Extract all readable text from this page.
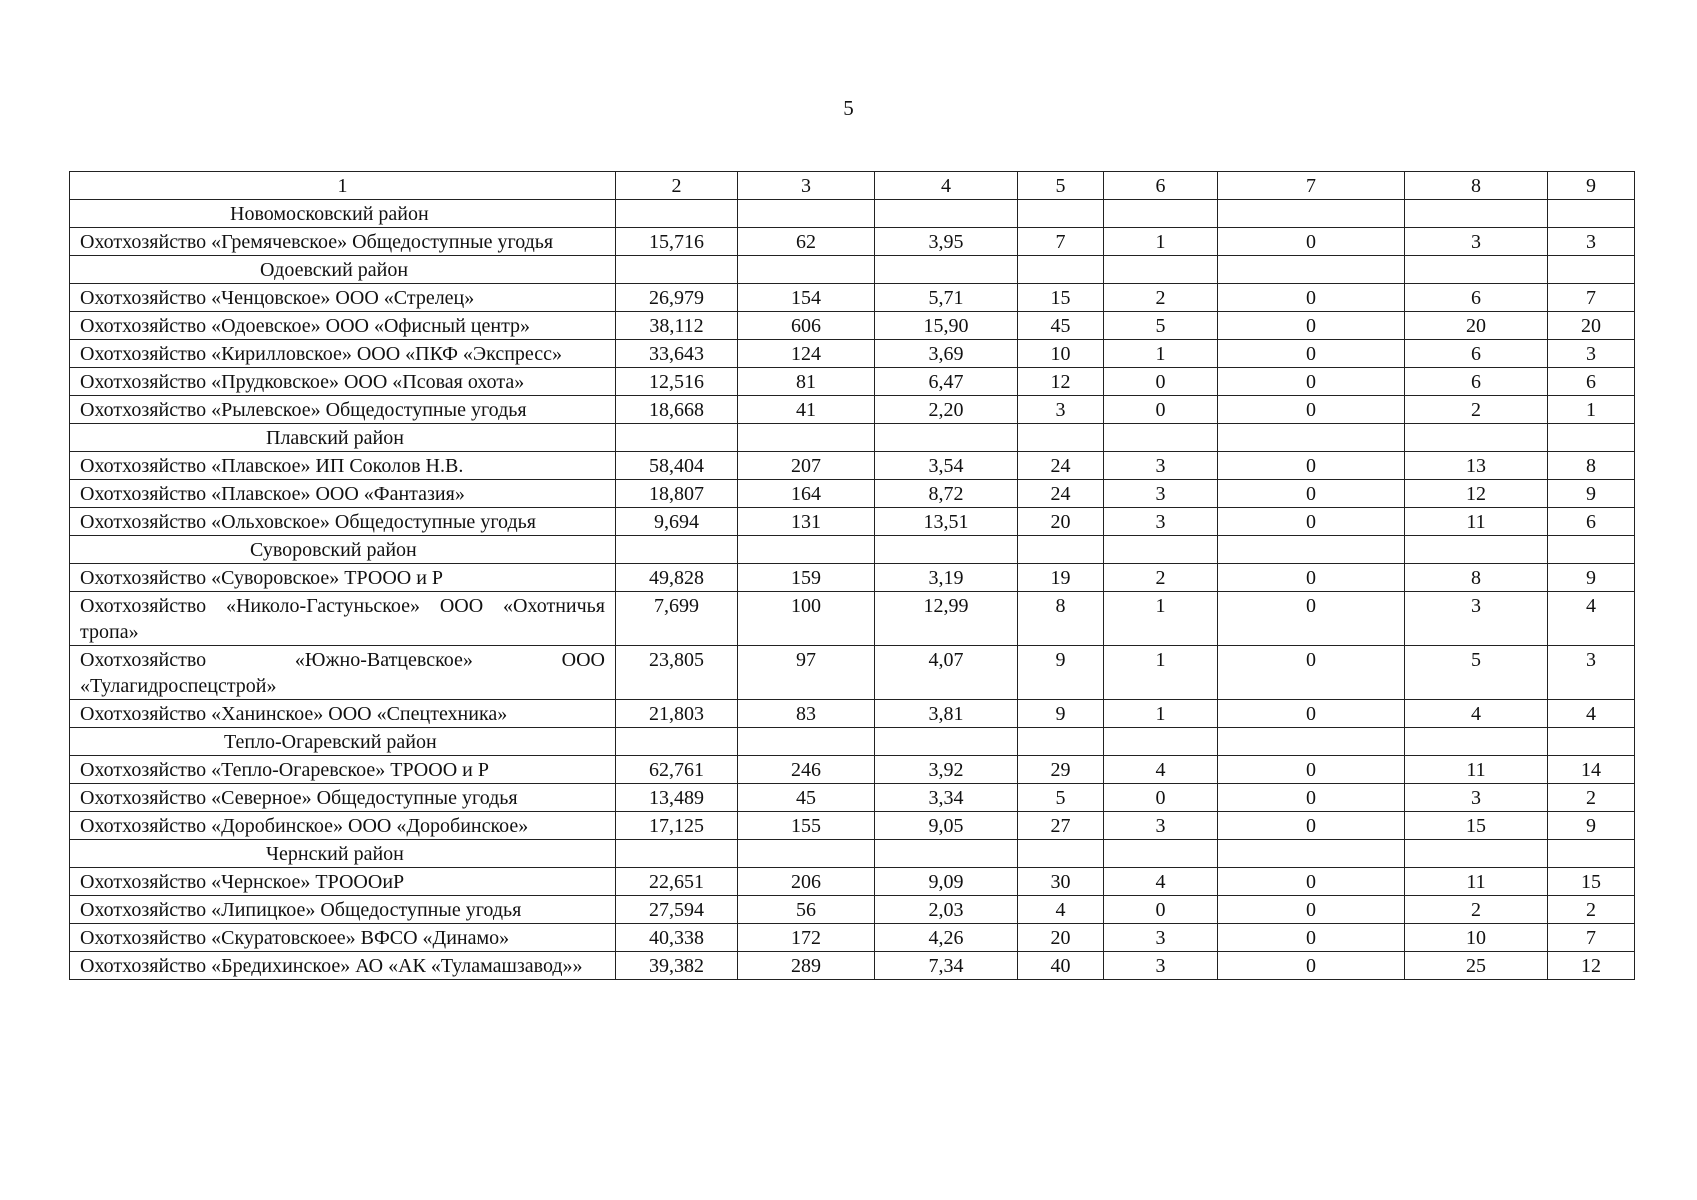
5
1	2	3	4	5	6	7	8	9
Новомосковский район								
Охотхозяйство «Гремячевское» Общедоступные угодья	15,716	62	3,95	7	1	0	3	3
Одоевский район								
Охотхозяйство «Ченцовское» ООО «Стрелец»	26,979	154	5,71	15	2	0	6	7
Охотхозяйство «Одоевское» ООО «Офисный центр»	38,112	606	15,90	45	5	0	20	20
Охотхозяйство «Кирилловское» ООО «ПКФ «Экспресс»	33,643	124	3,69	10	1	0	6	3
Охотхозяйство «Прудковское» ООО «Псовая охота»	12,516	81	6,47	12	0	0	6	6
Охотхозяйство «Рылевское» Общедоступные угодья	18,668	41	2,20	3	0	0	2	1
Плавский район								
Охотхозяйство «Плавское» ИП Соколов Н.В.	58,404	207	3,54	24	3	0	13	8
Охотхозяйство «Плавское» ООО «Фантазия»	18,807	164	8,72	24	3	0	12	9
Охотхозяйство «Ольховское» Общедоступные угодья	9,694	131	13,51	20	3	0	11	6
Суворовский район								
Охотхозяйство «Суворовское» ТРООО и Р	49,828	159	3,19	19	2	0	8	9
Охотхозяйство «Николо-Гастуньское» ООО «Охотничья тропа»	7,699	100	12,99	8	1	0	3	4
Охотхозяйство «Южно-Ватцевское» ООО «Тулагидроспецстрой»	23,805	97	4,07	9	1	0	5	3
Охотхозяйство «Ханинское» ООО «Спецтехника»	21,803	83	3,81	9	1	0	4	4
Тепло-Огаревский район								
Охотхозяйство «Тепло-Огаревское» ТРООО и Р	62,761	246	3,92	29	4	0	11	14
Охотхозяйство «Северное» Общедоступные угодья	13,489	45	3,34	5	0	0	3	2
Охотхозяйство «Доробинское» ООО «Доробинское»	17,125	155	9,05	27	3	0	15	9
Чернский район								
Охотхозяйство «Чернское» ТРОООиР	22,651	206	9,09	30	4	0	11	15
Охотхозяйство «Липицкое» Общедоступные угодья	27,594	56	2,03	4	0	0	2	2
Охотхозяйство «Скуратовскоеe» ВФСО «Динамо»	40,338	172	4,26	20	3	0	10	7
Охотхозяйство «Бредихинское» АО «АК «Туламашзавод»»	39,382	289	7,34	40	3	0	25	12
